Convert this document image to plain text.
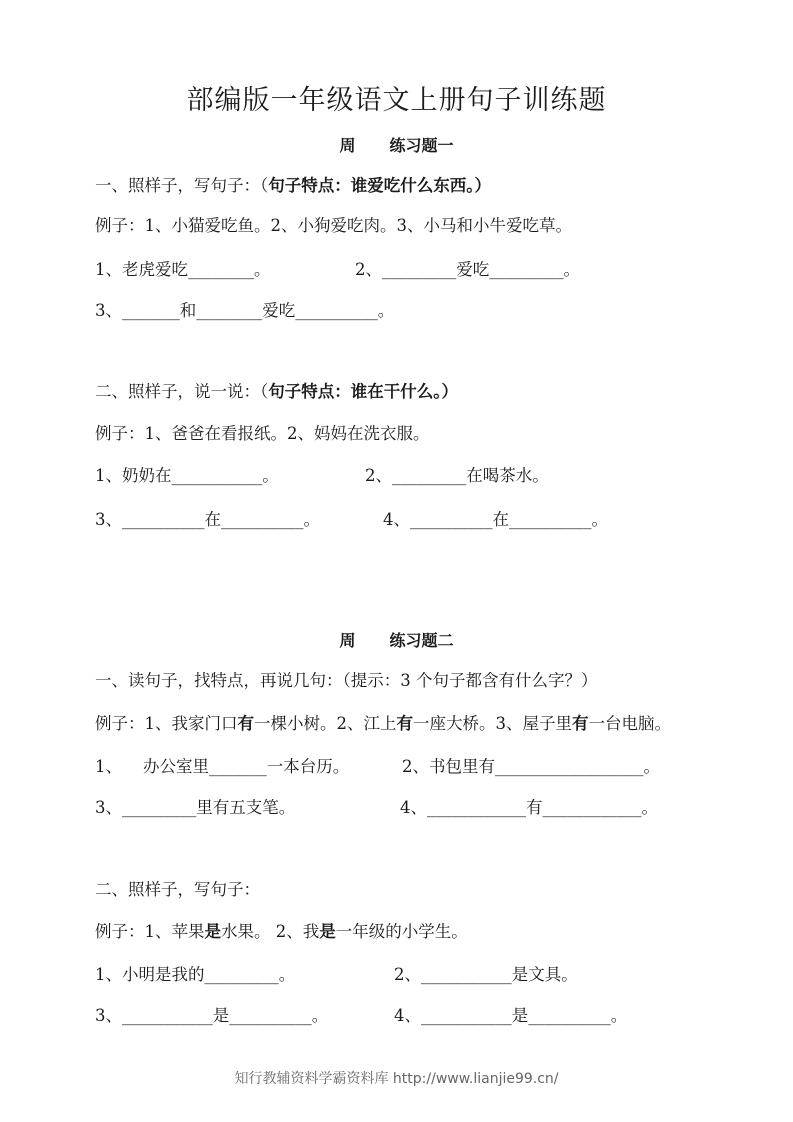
部编版一年级语文上册句子训练题
周 练习题一
一、照样子，写句子：（句子特点：谁爱吃什么东西。）
例子：1、小猫爱吃鱼。2、小狗爱吃肉。3、小马和小牛爱吃草。
1、老虎爱吃________。	2、_________爱吃_________。
3、_______和________爱吃__________。
二、照样子，说一说：（句子特点：谁在干什么。）
例子：1、爸爸在看报纸。2、妈妈在洗衣服。
1、奶奶在___________。	2、_________在喝茶水。
3、__________在__________。	4、__________在__________。
周 练习题二
一、读句子，找特点，再说几句：（提示：3 个句子都含有什么字？）
例子：1、我家门口有一棵小树。2、江上有一座大桥。3、屋子里有一台电脑。
1、    办公室里_______一本台历。	2、书包里有__________________。
3、_________里有五支笔。	4、____________有____________。
二、照样子，写句子：
例子：1、苹果是水果。 2、我是一年级的小学生。
1、小明是我的_________。	2、___________是文具。
3、___________是__________。	4、___________是__________。
知行教辅资料学霸资料库 http://www.lianjie99.cn/
